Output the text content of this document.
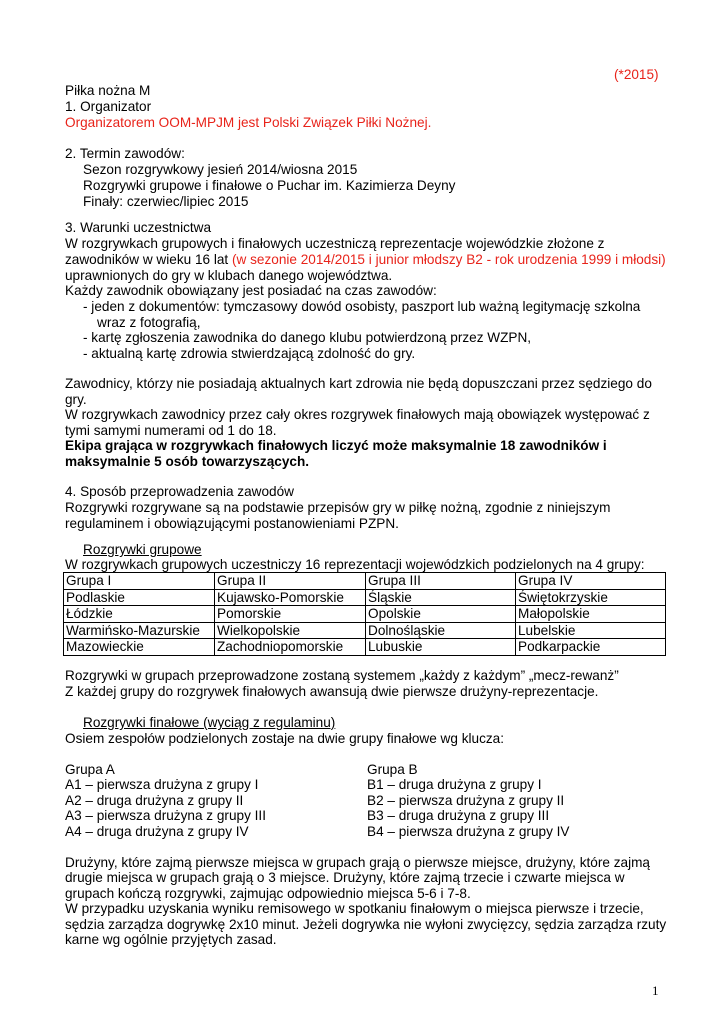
(*2015)
Piłka nożna M
1. Organizator
Organizatorem OOM-MPJM jest Polski Związek Piłki Nożnej.
2. Termin zawodów:
Sezon rozgrywkowy jesień 2014/wiosna 2015
Rozgrywki grupowe i finałowe o Puchar im. Kazimierza Deyny
Finały: czerwiec/lipiec 2015
3. Warunki uczestnictwa
W rozgrywkach grupowych i finałowych uczestniczą reprezentacje wojewódzkie złożone z
zawodników w wieku 16 lat (w sezonie 2014/2015 i junior młodszy B2 - rok urodzenia 1999 i młodsi)
uprawnionych do gry w klubach danego województwa.
Każdy zawodnik obowiązany jest posiadać na czas zawodów:
- jeden z dokumentów: tymczasowy dowód osobisty, paszport lub ważną legitymację szkolna
wraz z fotografią,
- kartę zgłoszenia zawodnika do danego klubu potwierdzoną przez WZPN,
- aktualną kartę zdrowia stwierdzającą zdolność do gry.
Zawodnicy, którzy nie posiadają aktualnych kart zdrowia nie będą dopuszczani przez sędziego do
gry.
W rozgrywkach zawodnicy przez cały okres rozgrywek finałowych mają obowiązek występować z
tymi samymi numerami od 1 do 18.
Ekipa grająca w rozgrywkach finałowych liczyć może maksymalnie 18 zawodników i
maksymalnie 5 osób towarzyszących.
4. Sposób przeprowadzenia zawodów
Rozgrywki rozgrywane są na podstawie przepisów gry w piłkę nożną, zgodnie z niniejszym
regulaminem i obowiązującymi postanowieniami PZPN.
Rozgrywki grupowe
W rozgrywkach grupowych uczestniczy 16 reprezentacji wojewódzkich podzielonych na 4 grupy:
Grupa I	Grupa II	Grupa III	Grupa IV
Podlaskie	Kujawsko-Pomorskie	Śląskie	Świętokrzyskie
Łódzkie	Pomorskie	Opolskie	Małopolskie
Warmińsko-Mazurskie	Wielkopolskie	Dolnośląskie	Lubelskie
Mazowieckie	Zachodniopomorskie	Lubuskie	Podkarpackie
Rozgrywki w grupach przeprowadzone zostaną systemem „każdy z każdym” „mecz-rewanż”
Z każdej grupy do rozgrywek finałowych awansują dwie pierwsze drużyny-reprezentacje.
Rozgrywki finałowe (wyciąg z regulaminu)
Osiem zespołów podzielonych zostaje na dwie grupy finałowe wg klucza:
Grupa A
A1 – pierwsza drużyna z grupy I
A2 – druga drużyna z grupy II
A3 – pierwsza drużyna z grupy III
A4 – druga drużyna z grupy IV
Grupa B
B1 – druga drużyna z grupy I
B2 – pierwsza drużyna z grupy II
B3 – druga drużyna z grupy III
B4 – pierwsza drużyna z grupy IV
Drużyny, które zajmą pierwsze miejsca w grupach grają o pierwsze miejsce, drużyny, które zajmą
drugie miejsca w grupach grają o 3 miejsce. Drużyny, które zajmą trzecie i czwarte miejsca w
grupach kończą rozgrywki, zajmując odpowiednio miejsca 5-6 i 7-8.
W przypadku uzyskania wyniku remisowego w spotkaniu finałowym o miejsca pierwsze i trzecie,
sędzia zarządza dogrywkę 2x10 minut. Jeżeli dogrywka nie wyłoni zwycięzcy, sędzia zarządza rzuty
karne wg ogólnie przyjętych zasad.
1
